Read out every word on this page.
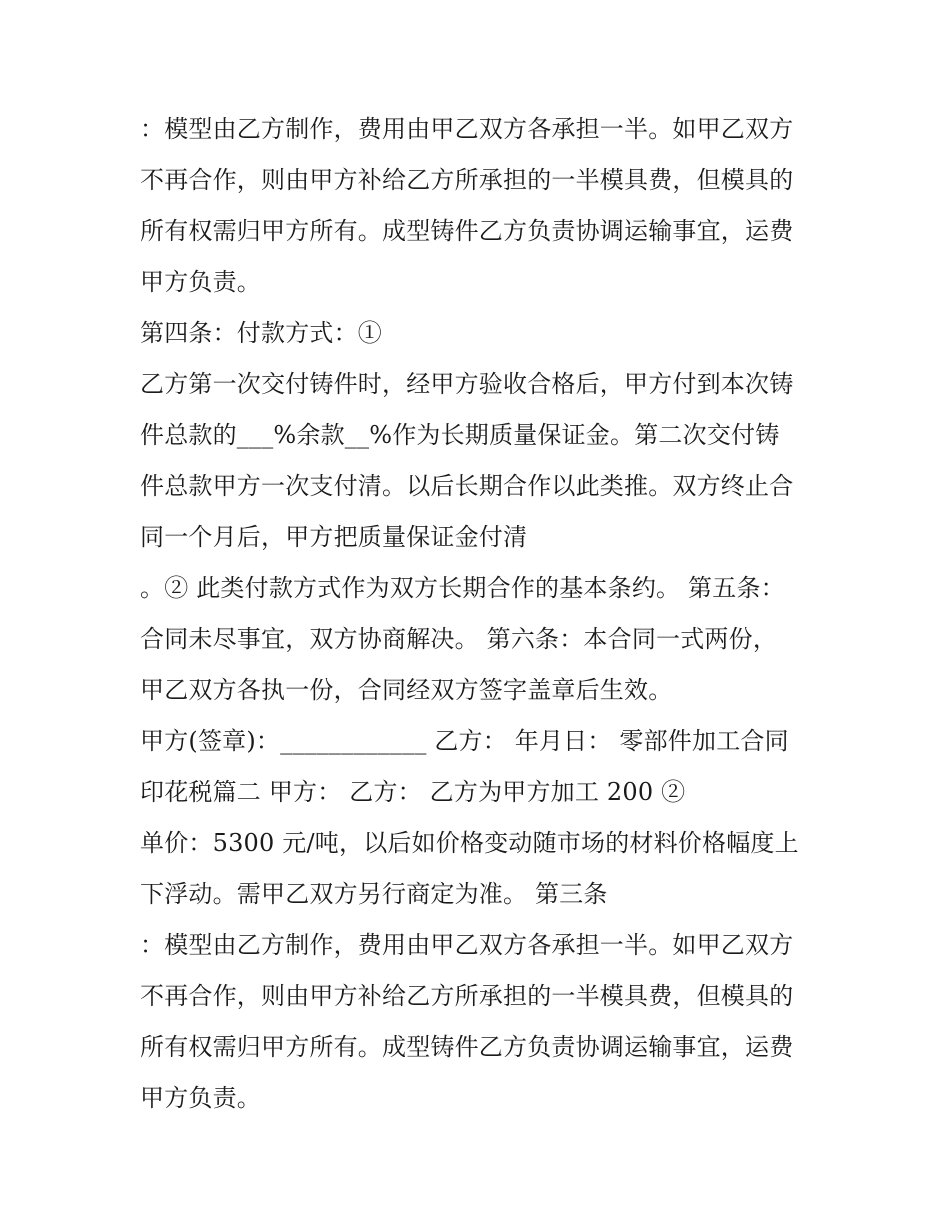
：模型由乙方制作，费用由甲乙双方各承担一半。如甲乙双方
不再合作，则由甲方补给乙方所承担的一半模具费，但模具的
所有权需归甲方所有。成型铸件乙方负责协调运输事宜，运费
甲方负责。
第四条：付款方式：①
乙方第一次交付铸件时，经甲方验收合格后，甲方付到本次铸
件总款的___%余款__%作为长期质量保证金。第二次交付铸
件总款甲方一次支付清。以后长期合作以此类推。双方终止合
同一个月后，甲方把质量保证金付清
。② 此类付款方式作为双方长期合作的基本条约。 第五条：
合同未尽事宜，双方协商解决。 第六条：本合同一式两份，
甲乙双方各执一份，合同经双方签字盖章后生效。
甲方(签章)：____________ 乙方： 年月日： 零部件加工合同
印花税篇二 甲方： 乙方： 乙方为甲方加工 200 ②
单价：5300 元/吨，以后如价格变动随市场的材料价格幅度上
下浮动。需甲乙双方另行商定为准。 第三条
：模型由乙方制作，费用由甲乙双方各承担一半。如甲乙双方
不再合作，则由甲方补给乙方所承担的一半模具费，但模具的
所有权需归甲方所有。成型铸件乙方负责协调运输事宜，运费
甲方负责。
